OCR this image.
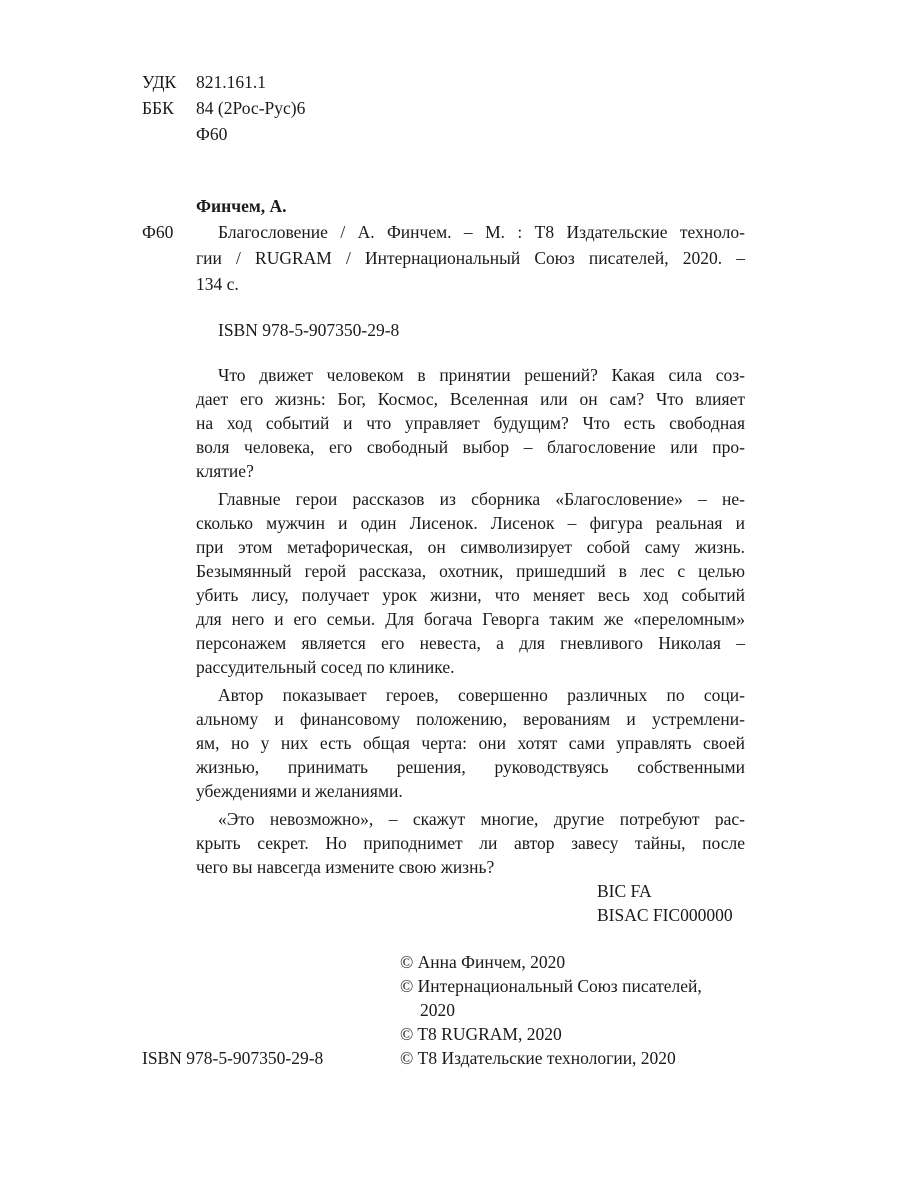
УДК 821.161.1
ББК 84 (2Рос-Рус)6
Ф60
Финчем, А.
Ф60	Благословение / А. Финчем. – М. : Т8 Издательские техноло-
гии / RUGRAM / Интернациональный Союз писателей, 2020. –
134 с.
ISBN 978-5-907350-29-8
Что движет человеком в принятии решений? Какая сила соз-
дает его жизнь: Бог, Космос, Вселенная или он сам? Что влияет
на ход событий и что управляет будущим? Что есть свободная
воля человека, его свободный выбор – благословение или про-
клятие?
Главные герои рассказов из сборника «Благословение» – не-
сколько мужчин и один Лисенок. Лисенок – фигура реальная и
при этом метафорическая, он символизирует собой саму жизнь.
Безымянный герой рассказа, охотник, пришедший в лес с целью
убить лису, получает урок жизни, что меняет весь ход событий
для него и его семьи. Для богача Геворга таким же «переломным»
персонажем является его невеста, а для гневливого Николая –
рассудительный сосед по клинике.
Автор показывает героев, совершенно различных по соци-
альному и финансовому положению, верованиям и устремлени-
ям, но у них есть общая черта: они хотят сами управлять своей
жизнью, принимать решения, руководствуясь собственными
убеждениями и желаниями.
«Это невозможно», – скажут многие, другие потребуют рас-
крыть секрет. Но приподнимет ли автор завесу тайны, после
чего вы навсегда измените свою жизнь?
BIC FA
BISAC FIC000000
© Анна Финчем, 2020
© Интернациональный Союз писателей,
2020
© T8 RUGRAM, 2020
© Т8 Издательские технологии, 2020
ISBN 978-5-907350-29-8
